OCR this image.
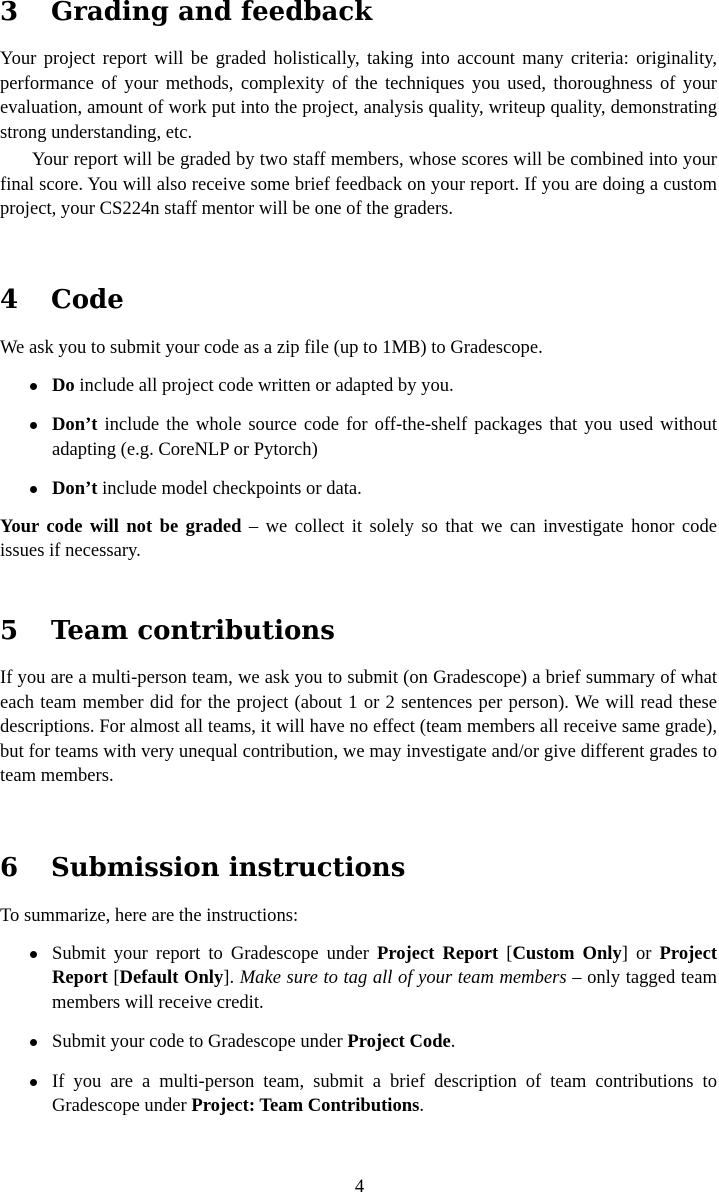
3 Grading and feedback

Your project report will be graded holistically, taking into account many criteria: originality, performance of your methods, complexity of the techniques you used, thoroughness of your evaluation, amount of work put into the project, analysis quality, writeup quality, demonstrating strong understanding, etc.

Your report will be graded by two staff members, whose scores will be combined into your final score. You will also receive some brief feedback on your report. If you are doing a custom project, your CS224n staff mentor will be one of the graders.

4 Code

We ask you to submit your code as a zip file (up to 1MB) to Gradescope.

Do include all project code written or adapted by you.
Don’t include the whole source code for off-the-shelf packages that you used without adapting (e.g. CoreNLP or Pytorch)
Don’t include model checkpoints or data.

Your code will not be graded – we collect it solely so that we can investigate honor code issues if necessary.

5 Team contributions

If you are a multi-person team, we ask you to submit (on Gradescope) a brief summary of what each team member did for the project (about 1 or 2 sentences per person). We will read these descriptions. For almost all teams, it will have no effect (team members all receive same grade), but for teams with very unequal contribution, we may investigate and/or give different grades to team members.

6 Submission instructions

To summarize, here are the instructions:

Submit your report to Gradescope under Project Report [Custom Only] or Project Report [Default Only]. Make sure to tag all of your team members – only tagged team members will receive credit.
Submit your code to Gradescope under Project Code.
If you are a multi-person team, submit a brief description of team contributions to Gradescope under Project: Team Contributions.
4
